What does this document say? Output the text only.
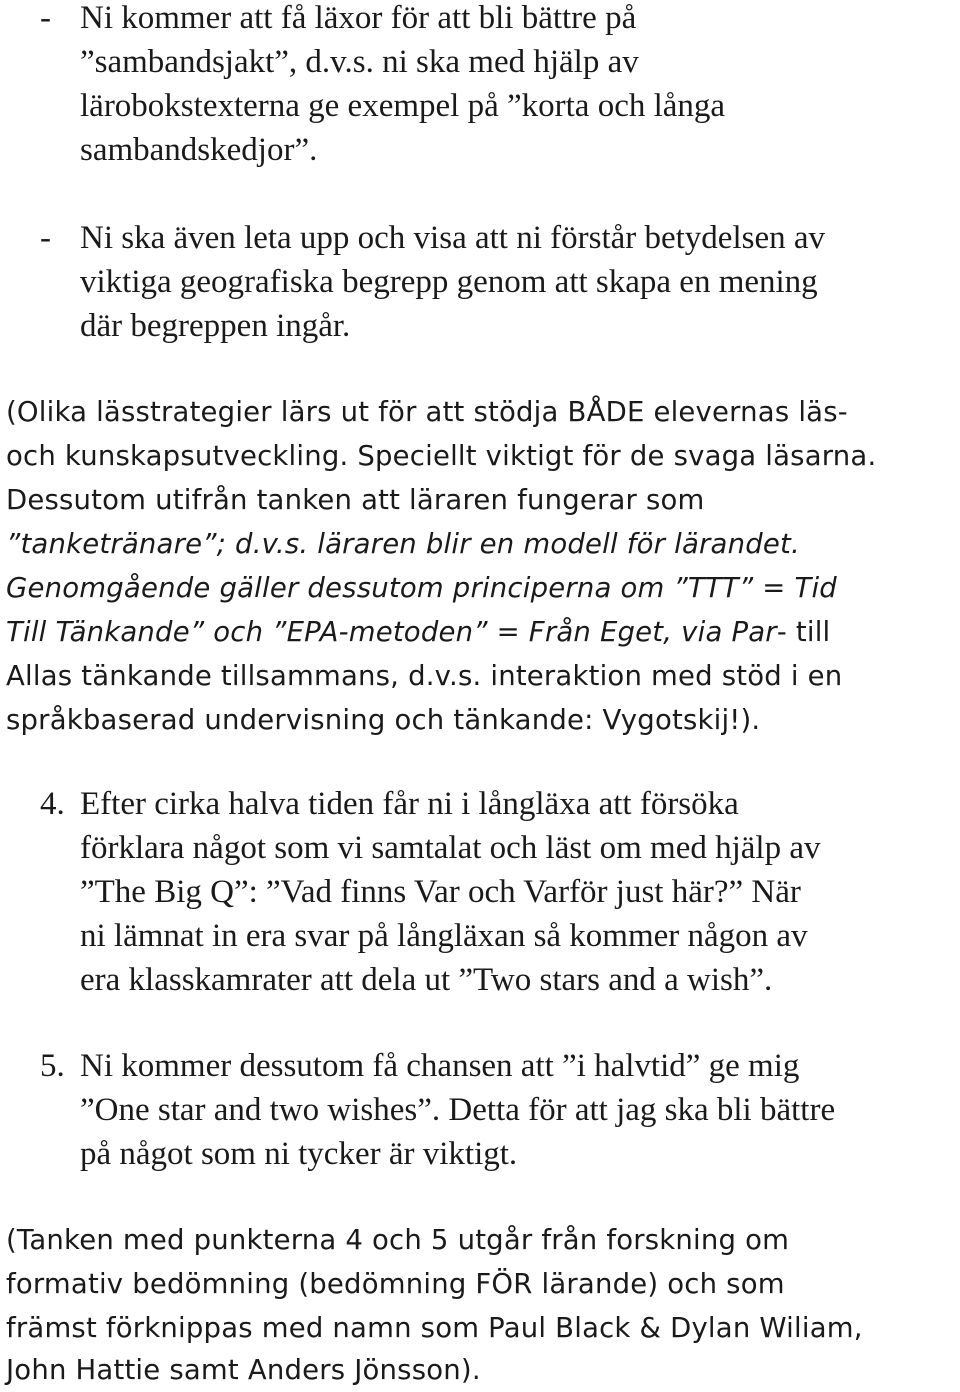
- Ni kommer att få läxor för att bli bättre på
”sambandsjakt”, d.v.s. ni ska med hjälp av
lärobokstexterna ge exempel på ”korta och långa
sambandskedjor”.
- Ni ska även leta upp och visa att ni förstår betydelsen av
viktiga geografiska begrepp genom att skapa en mening
där begreppen ingår.
(Olika lässtrategier lärs ut för att stödja BÅDE elevernas läs-
och kunskapsutveckling. Speciellt viktigt för de svaga läsarna.
Dessutom utifrån tanken att läraren fungerar som
”tanketränare”; d.v.s. läraren blir en modell för lärandet.
Genomgående gäller dessutom principerna om ”TTT” = Tid
Till Tänkande” och ”EPA-metoden” = Från Eget, via Par- till
Allas tänkande tillsammans, d.v.s. interaktion med stöd i en
språkbaserad undervisning och tänkande: Vygotskij!).
4. Efter cirka halva tiden får ni i långläxa att försöka
förklara något som vi samtalat och läst om med hjälp av
”The Big Q”: ”Vad finns Var och Varför just här?” När
ni lämnat in era svar på långläxan så kommer någon av
era klasskamrater att dela ut ”Two stars and a wish”.
5. Ni kommer dessutom få chansen att ”i halvtid” ge mig
”One star and two wishes”. Detta för att jag ska bli bättre
på något som ni tycker är viktigt.
(Tanken med punkterna 4 och 5 utgår från forskning om
formativ bedömning (bedömning FÖR lärande) och som
främst förknippas med namn som Paul Black & Dylan Wiliam,
John Hattie samt Anders Jönsson).
